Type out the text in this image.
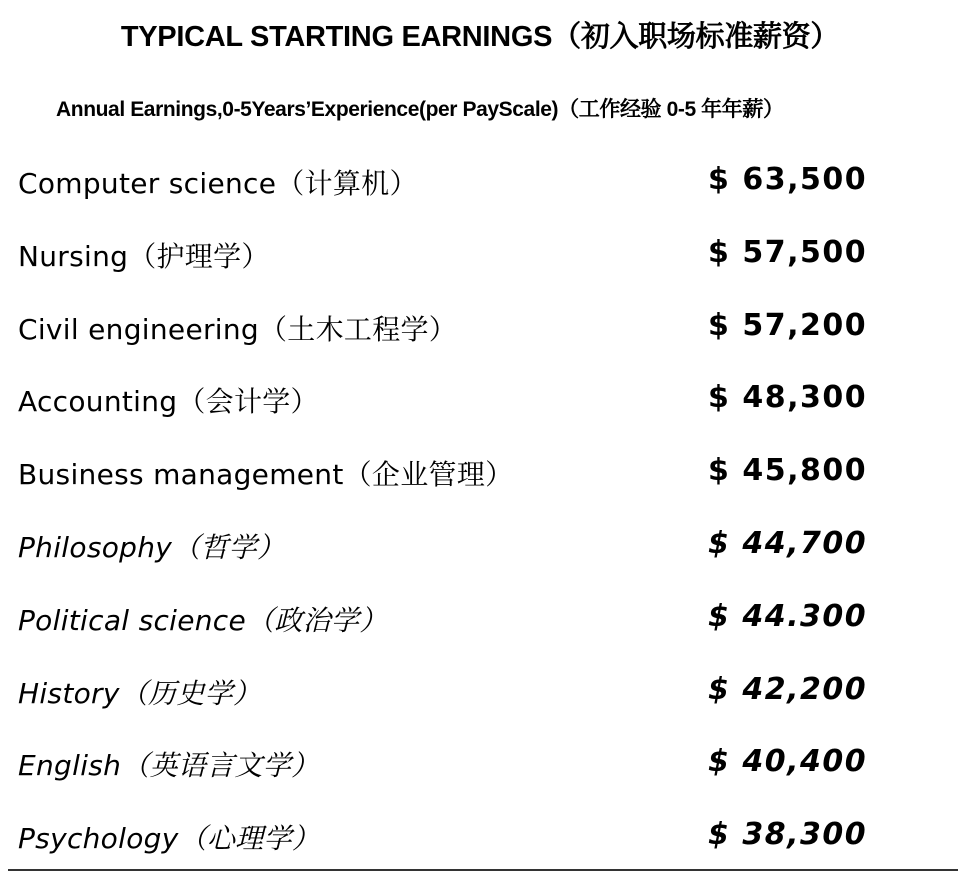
TYPICAL STARTING EARNINGS（初入职场标准薪资）
Annual Earnings,0-5Years’Experience(per PayScale)（工作经验 0-5 年年薪）
Computer science（计算机）	$ 63,500
Nursing（护理学）	$ 57,500
Civil engineering（土木工程学）	$ 57,200
Accounting（会计学）	$ 48,300
Business management（企业管理）	$ 45,800
Philosophy（哲学）	$ 44,700
Political science（政治学）	$ 44.300
History（历史学）	$ 42,200
English（英语言文学）	$ 40,400
Psychology（心理学）	$ 38,300
